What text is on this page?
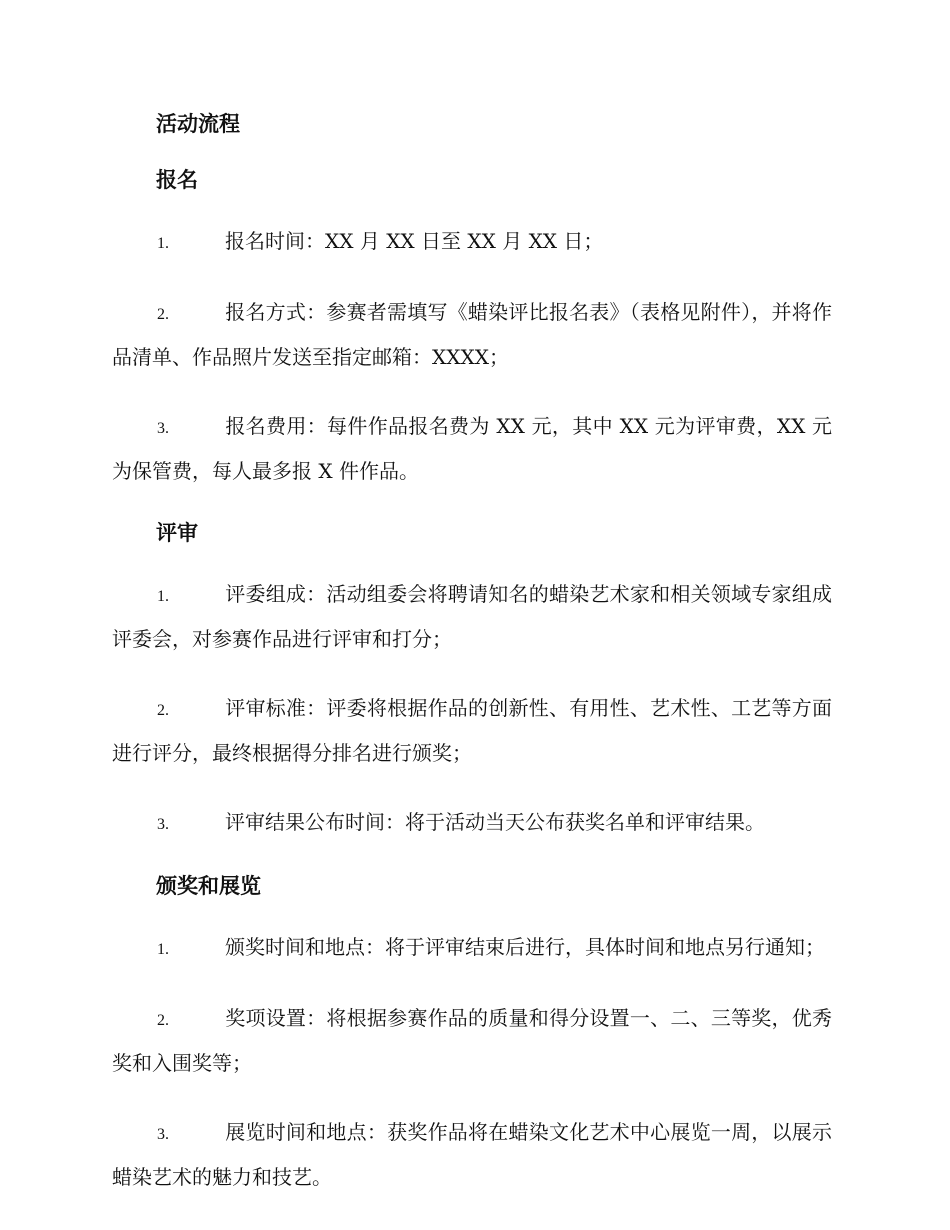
活动流程
报名

1.	报名时间：XX 月 XX 日至 XX 月 XX 日；

2.	报名方式：参赛者需填写《蜡染评比报名表》（表格见附件），并将作品清单、作品照片发送至指定邮箱：XXXX；

3.	报名费用：每件作品报名费为 XX 元，其中 XX 元为评审费，XX 元为保管费，每人最多报 X 件作品。

评审

1.	评委组成：活动组委会将聘请知名的蜡染艺术家和相关领域专家组成评委会，对参赛作品进行评审和打分；

2.	评审标准：评委将根据作品的创新性、有用性、艺术性、工艺等方面进行评分，最终根据得分排名进行颁奖；

3.	评审结果公布时间：将于活动当天公布获奖名单和评审结果。

颁奖和展览

1.	颁奖时间和地点：将于评审结束后进行，具体时间和地点另行通知；

2.	奖项设置：将根据参赛作品的质量和得分设置一、二、三等奖，优秀奖和入围奖等；

3.	展览时间和地点：获奖作品将在蜡染文化艺术中心展览一周，以展示蜡染艺术的魅力和技艺。
